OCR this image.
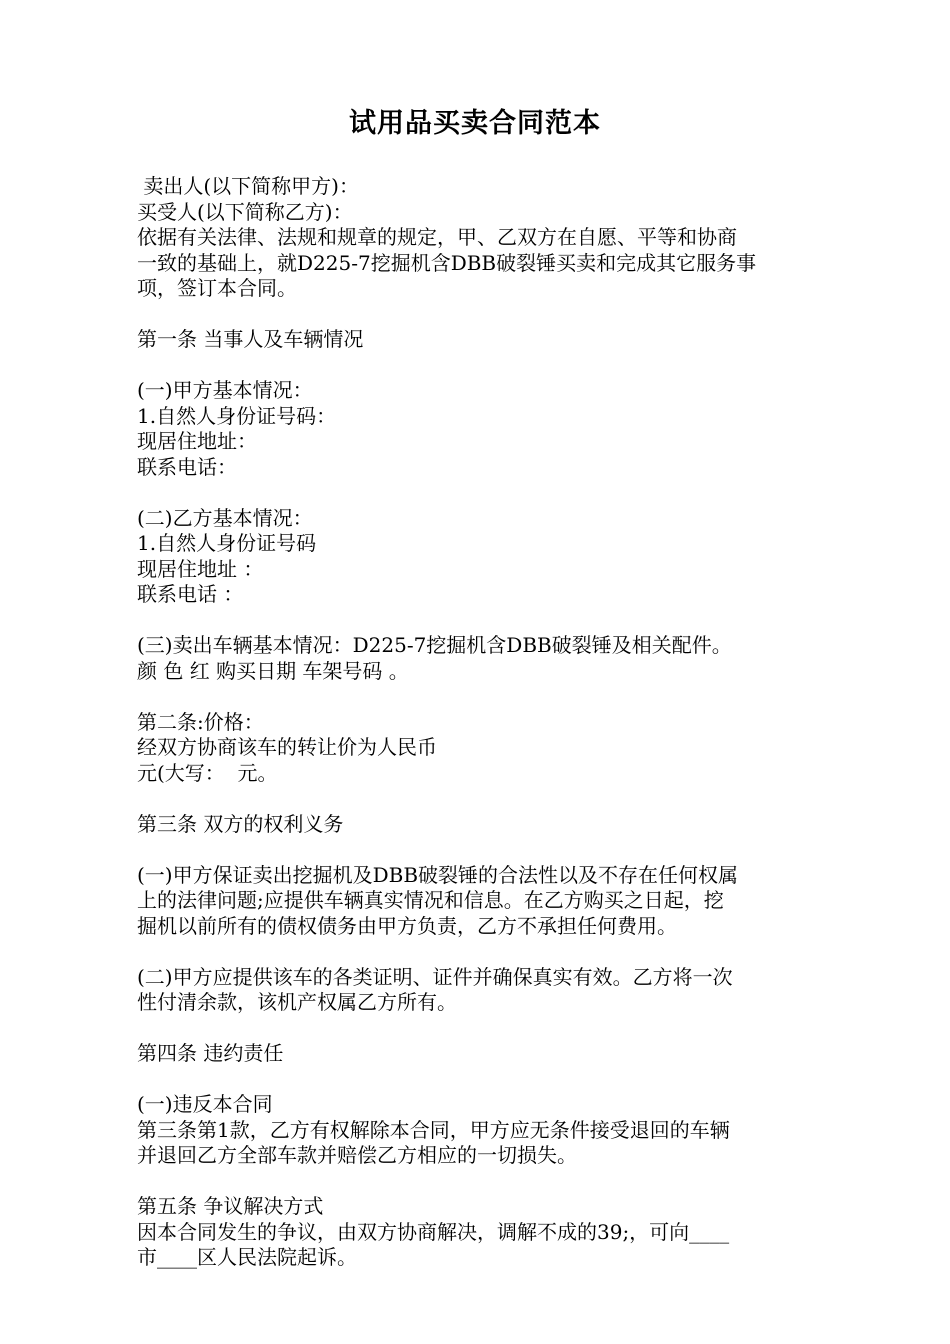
试用品买卖合同范本
卖出人(以下简称甲方)：
买受人(以下简称乙方)：
依据有关法律、法规和规章的规定，甲、乙双方在自愿、平等和协商
一致的基础上，就D225-7挖掘机含DBB破裂锤买卖和完成其它服务事
项，签订本合同。
第一条 当事人及车辆情况
(一)甲方基本情况：
1.自然人身份证号码：
现居住地址：
联系电话：
(二)乙方基本情况：
1.自然人身份证号码
现居住地址 ：
联系电话 ：
(三)卖出车辆基本情况：D225-7挖掘机含DBB破裂锤及相关配件。
颜 色 红 购买日期 车架号码 。
第二条:价格：
经双方协商该车的转让价为人民币
元(大写：  元。
第三条 双方的权利义务
(一)甲方保证卖出挖掘机及DBB破裂锤的合法性以及不存在任何权属
上的法律问题;应提供车辆真实情况和信息。在乙方购买之日起，挖
掘机以前所有的债权债务由甲方负责，乙方不承担任何费用。
(二)甲方应提供该车的各类证明、证件并确保真实有效。乙方将一次
性付清余款，该机产权属乙方所有。
第四条 违约责任
(一)违反本合同
第三条第1款，乙方有权解除本合同，甲方应无条件接受退回的车辆
并退回乙方全部车款并赔偿乙方相应的一切损失。
第五条 争议解决方式
因本合同发生的争议，由双方协商解决，调解不成的39;，可向____
市____区人民法院起诉。
